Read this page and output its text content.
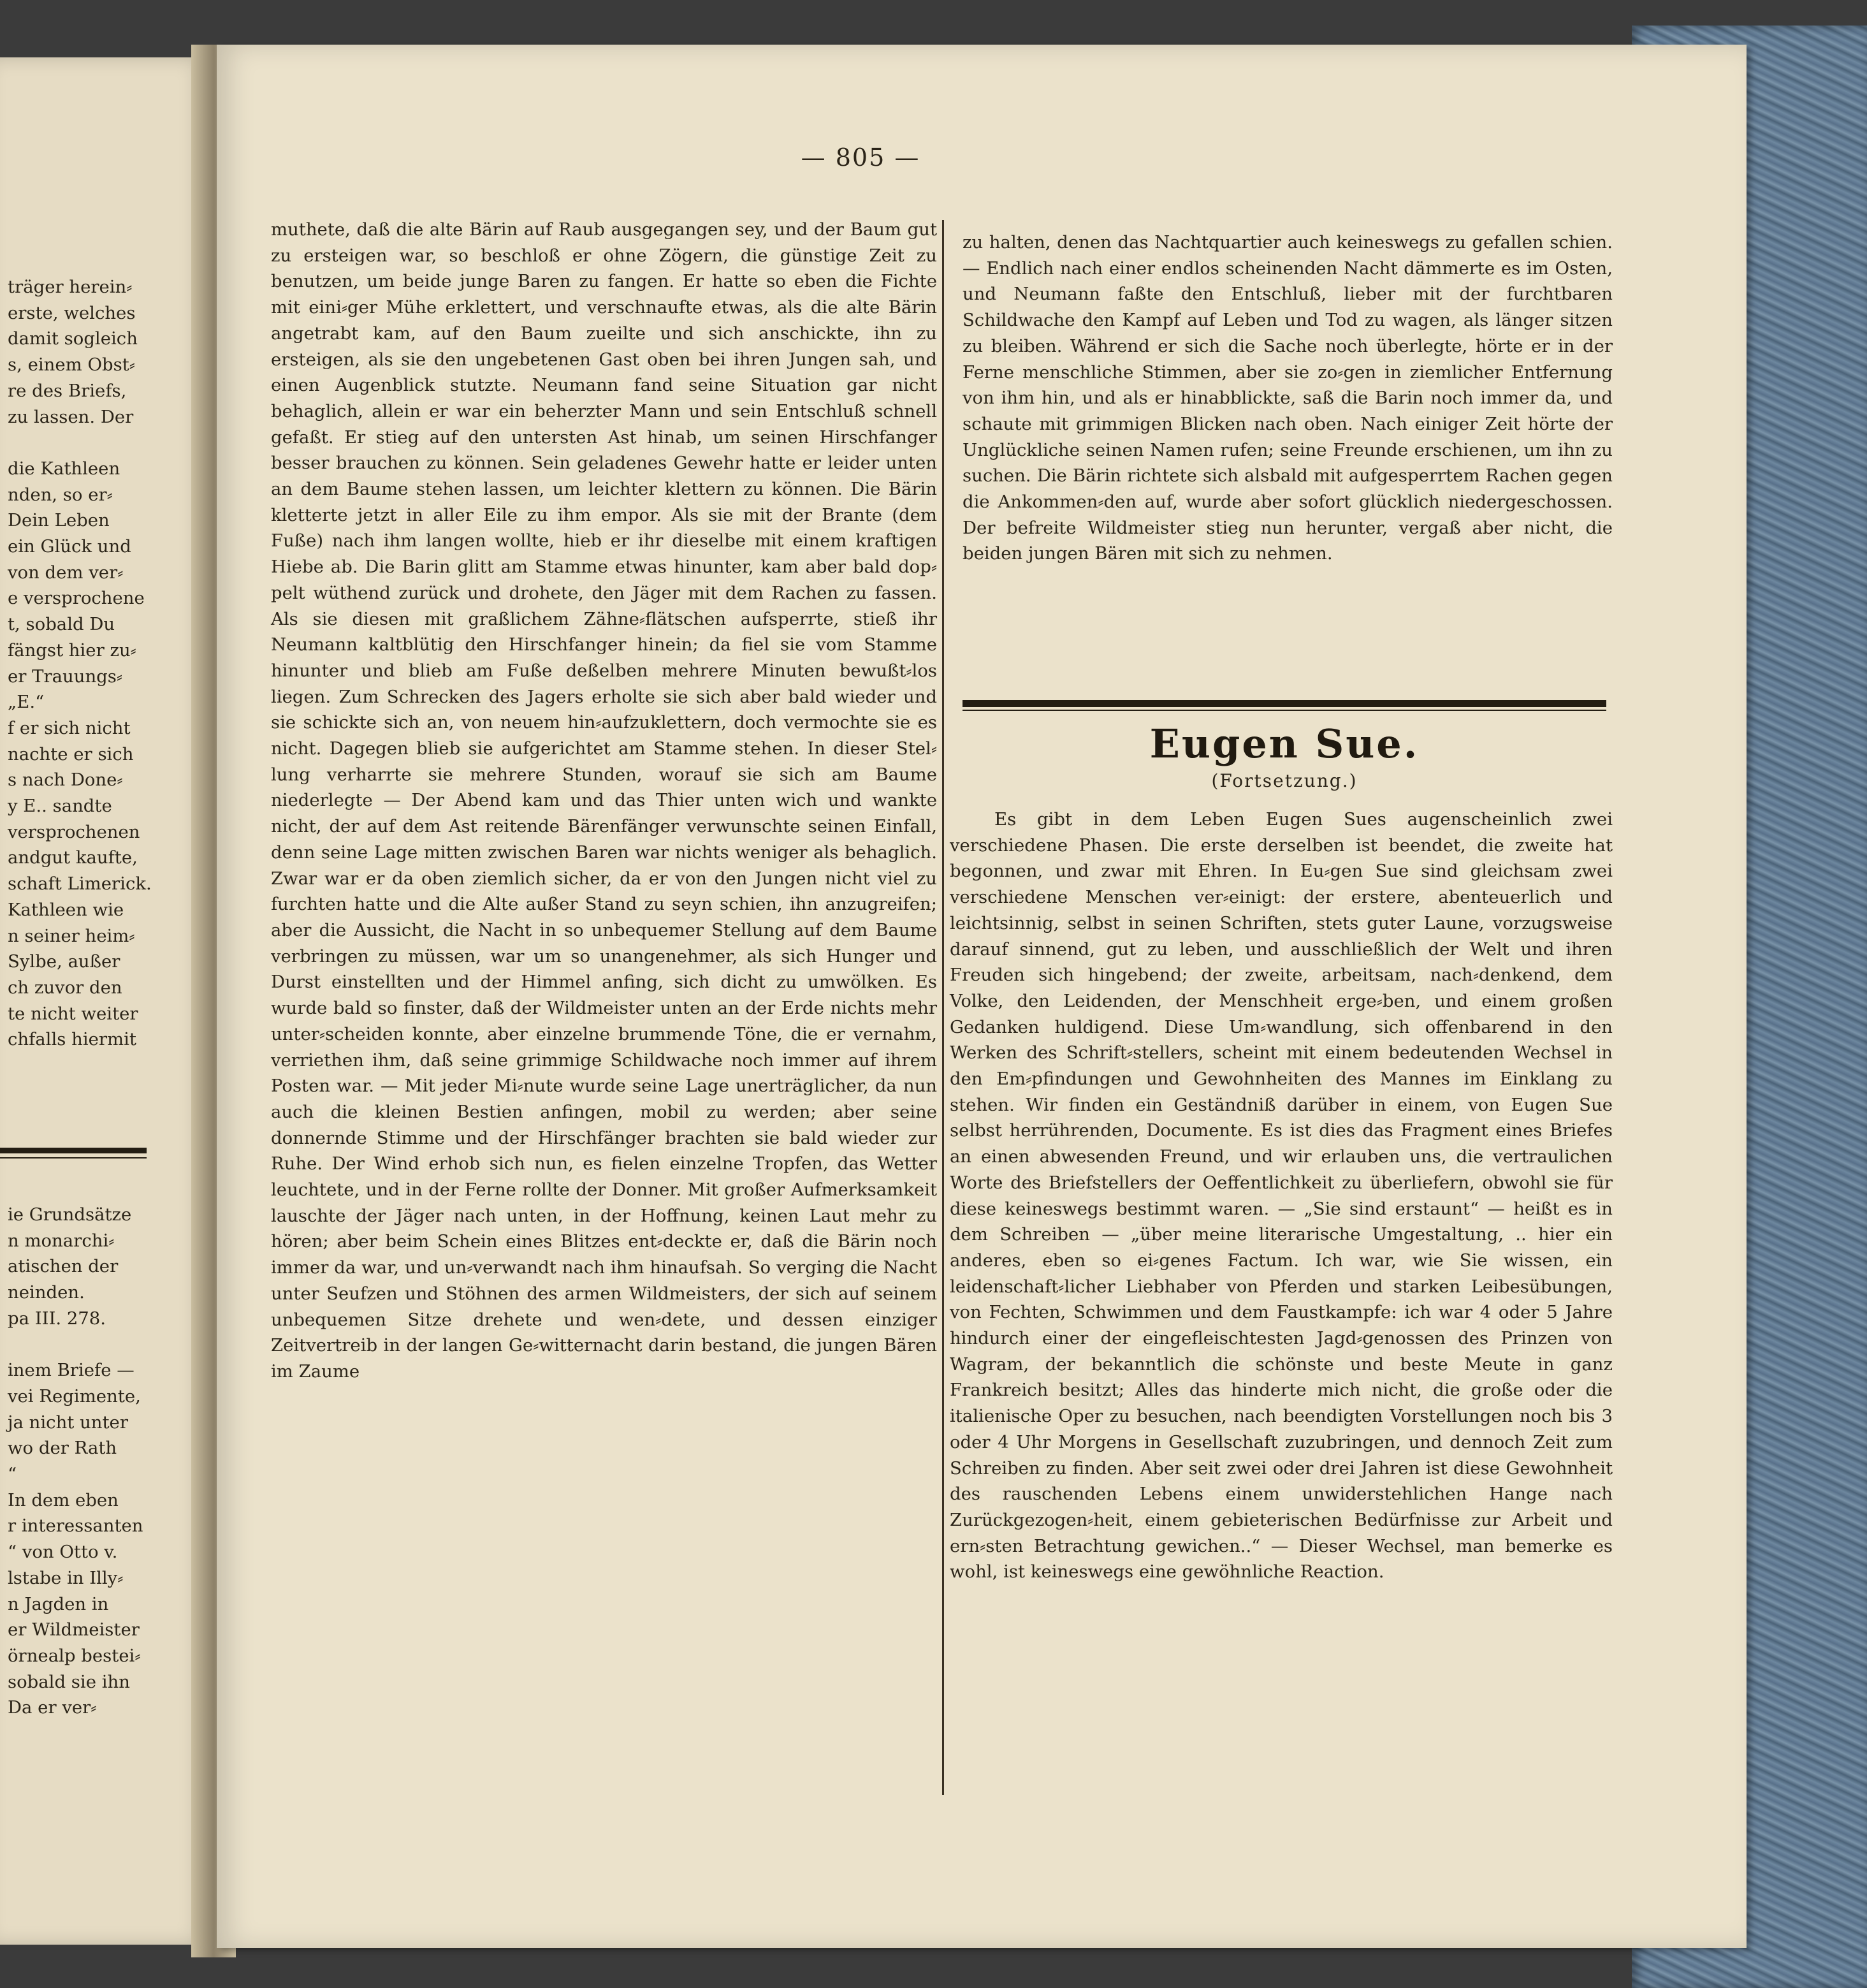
träger herein⸗
erste, welches
damit sogleich
s, einem Obst⸗
re des Briefs,
zu lassen. Der

die Kathleen
nden, so er⸗
Dein Leben
ein Glück und
von dem ver⸗
e versprochene
t, sobald Du
fängst hier zu⸗
er Trauungs⸗
„E.“
f er sich nicht
nachte er sich
s nach Done⸗
y E.. sandte
versprochenen
andgut kaufte,
schaft Limerick.
Kathleen wie
n seiner heim⸗
Sylbe, außer
ch zuvor den
te nicht weiter
chfalls hiermit
ie Grundsätze
n monarchi⸗
atischen der
neinden.
pa III. 278.

inem Briefe —
vei Regimente,
ja nicht unter
wo der Rath
“
In dem eben
r interessanten
“ von Otto v.
lstabe in Illy⸗
n Jagden in
er Wildmeister
örnealp bestei⸗
sobald sie ihn
Da er ver⸗
— 805 —

muthete, daß die alte Bärin auf Raub ausgegangen sey, und der Baum gut zu ersteigen war, so beschloß er ohne Zögern, die günstige Zeit zu benutzen, um beide junge Baren zu fangen. Er hatte so eben die Fichte mit eini⸗ger Mühe erklettert, und verschnaufte etwas, als die alte Bärin angetrabt kam, auf den Baum zueilte und sich anschickte, ihn zu ersteigen, als sie den ungebetenen Gast oben bei ihren Jungen sah, und einen Augenblick stutzte. Neumann fand seine Situation gar nicht behaglich, allein er war ein beherzter Mann und sein Entschluß schnell gefaßt. Er stieg auf den untersten Ast hinab, um seinen Hirschfanger besser brauchen zu können. Sein geladenes Gewehr hatte er leider unten an dem Baume stehen lassen, um leichter klettern zu können. Die Bärin kletterte jetzt in aller Eile zu ihm empor. Als sie mit der Brante (dem Fuße) nach ihm langen wollte, hieb er ihr dieselbe mit einem kraftigen Hiebe ab. Die Barin glitt am Stamme etwas hinunter, kam aber bald dop⸗pelt wüthend zurück und drohete, den Jäger mit dem Rachen zu fassen. Als sie diesen mit graßlichem Zähne⸗flätschen aufsperrte, stieß ihr Neumann kaltblütig den Hirschfanger hinein; da fiel sie vom Stamme hinunter und blieb am Fuße deßelben mehrere Minuten bewußt⸗los liegen. Zum Schrecken des Jagers erholte sie sich aber bald wieder und sie schickte sich an, von neuem hin⸗aufzuklettern, doch vermochte sie es nicht. Dagegen blieb sie aufgerichtet am Stamme stehen. In dieser Stel⸗lung verharrte sie mehrere Stunden, worauf sie sich am Baume niederlegte — Der Abend kam und das Thier unten wich und wankte nicht, der auf dem Ast reitende Bärenfänger verwunschte seinen Einfall, denn seine Lage mitten zwischen Baren war nichts weniger als behaglich. Zwar war er da oben ziemlich sicher, da er von den Jungen nicht viel zu furchten hatte und die Alte außer Stand zu seyn schien, ihn anzugreifen; aber die Aussicht, die Nacht in so unbequemer Stellung auf dem Baume verbringen zu müssen, war um so unangenehmer, als sich Hunger und Durst einstellten und der Himmel anfing, sich dicht zu umwölken. Es wurde bald so finster, daß der Wildmeister unten an der Erde nichts mehr unter⸗scheiden konnte, aber einzelne brummende Töne, die er vernahm, verriethen ihm, daß seine grimmige Schildwache noch immer auf ihrem Posten war. — Mit jeder Mi⸗nute wurde seine Lage unerträglicher, da nun auch die kleinen Bestien anfingen, mobil zu werden; aber seine donnernde Stimme und der Hirschfänger brachten sie bald wieder zur Ruhe. Der Wind erhob sich nun, es fielen einzelne Tropfen, das Wetter leuchtete, und in der Ferne rollte der Donner. Mit großer Aufmerksamkeit lauschte der Jäger nach unten, in der Hoffnung, keinen Laut mehr zu hören; aber beim Schein eines Blitzes ent⸗deckte er, daß die Bärin noch immer da war, und un⸗verwandt nach ihm hinaufsah. So verging die Nacht unter Seufzen und Stöhnen des armen Wildmeisters, der sich auf seinem unbequemen Sitze drehete und wen⸗dete, und dessen einziger Zeitvertreib in der langen Ge⸗witternacht darin bestand, die jungen Bären im Zaume

zu halten, denen das Nachtquartier auch keineswegs zu gefallen schien. — Endlich nach einer endlos scheinenden Nacht dämmerte es im Osten, und Neumann faßte den Entschluß, lieber mit der furchtbaren Schildwache den Kampf auf Leben und Tod zu wagen, als länger sitzen zu bleiben. Während er sich die Sache noch überlegte, hörte er in der Ferne menschliche Stimmen, aber sie zo⸗gen in ziemlicher Entfernung von ihm hin, und als er hinabblickte, saß die Barin noch immer da, und schaute mit grimmigen Blicken nach oben. Nach einiger Zeit hörte der Unglückliche seinen Namen rufen; seine Freunde erschienen, um ihn zu suchen. Die Bärin richtete sich alsbald mit aufgesperrtem Rachen gegen die Ankommen⸗den auf, wurde aber sofort glücklich niedergeschossen. Der befreite Wildmeister stieg nun herunter, vergaß aber nicht, die beiden jungen Bären mit sich zu nehmen.

Eugen Sue.
(Fortsetzung.)

Es gibt in dem Leben Eugen Sues augenscheinlich zwei verschiedene Phasen. Die erste derselben ist beendet, die zweite hat begonnen, und zwar mit Ehren. In Eu⸗gen Sue sind gleichsam zwei verschiedene Menschen ver⸗einigt: der erstere, abenteuerlich und leichtsinnig, selbst in seinen Schriften, stets guter Laune, vorzugsweise darauf sinnend, gut zu leben, und ausschließlich der Welt und ihren Freuden sich hingebend; der zweite, arbeitsam, nach⸗denkend, dem Volke, den Leidenden, der Menschheit erge⸗ben, und einem großen Gedanken huldigend. Diese Um⸗wandlung, sich offenbarend in den Werken des Schrift⸗stellers, scheint mit einem bedeutenden Wechsel in den Em⸗pfindungen und Gewohnheiten des Mannes im Einklang zu stehen. Wir finden ein Geständniß darüber in einem, von Eugen Sue selbst herrührenden, Documente. Es ist dies das Fragment eines Briefes an einen abwesenden Freund, und wir erlauben uns, die vertraulichen Worte des Briefstellers der Oeffentlichkeit zu überliefern, obwohl sie für diese keineswegs bestimmt waren. — „Sie sind erstaunt“ — heißt es in dem Schreiben — „über meine literarische Umgestaltung, .. hier ein anderes, eben so ei⸗genes Factum. Ich war, wie Sie wissen, ein leidenschaft⸗licher Liebhaber von Pferden und starken Leibesübungen, von Fechten, Schwimmen und dem Faustkampfe: ich war 4 oder 5 Jahre hindurch einer der eingefleischtesten Jagd⸗genossen des Prinzen von Wagram, der bekanntlich die schönste und beste Meute in ganz Frankreich besitzt; Alles das hinderte mich nicht, die große oder die italienische Oper zu besuchen, nach beendigten Vorstellungen noch bis 3 oder 4 Uhr Morgens in Gesellschaft zuzubringen, und dennoch Zeit zum Schreiben zu finden. Aber seit zwei oder drei Jahren ist diese Gewohnheit des rauschenden Lebens einem unwiderstehlichen Hange nach Zurückgezogen⸗heit, einem gebieterischen Bedürfnisse zur Arbeit und ern⸗sten Betrachtung gewichen..“ — Dieser Wechsel, man bemerke es wohl, ist keineswegs eine gewöhnliche Reaction.
